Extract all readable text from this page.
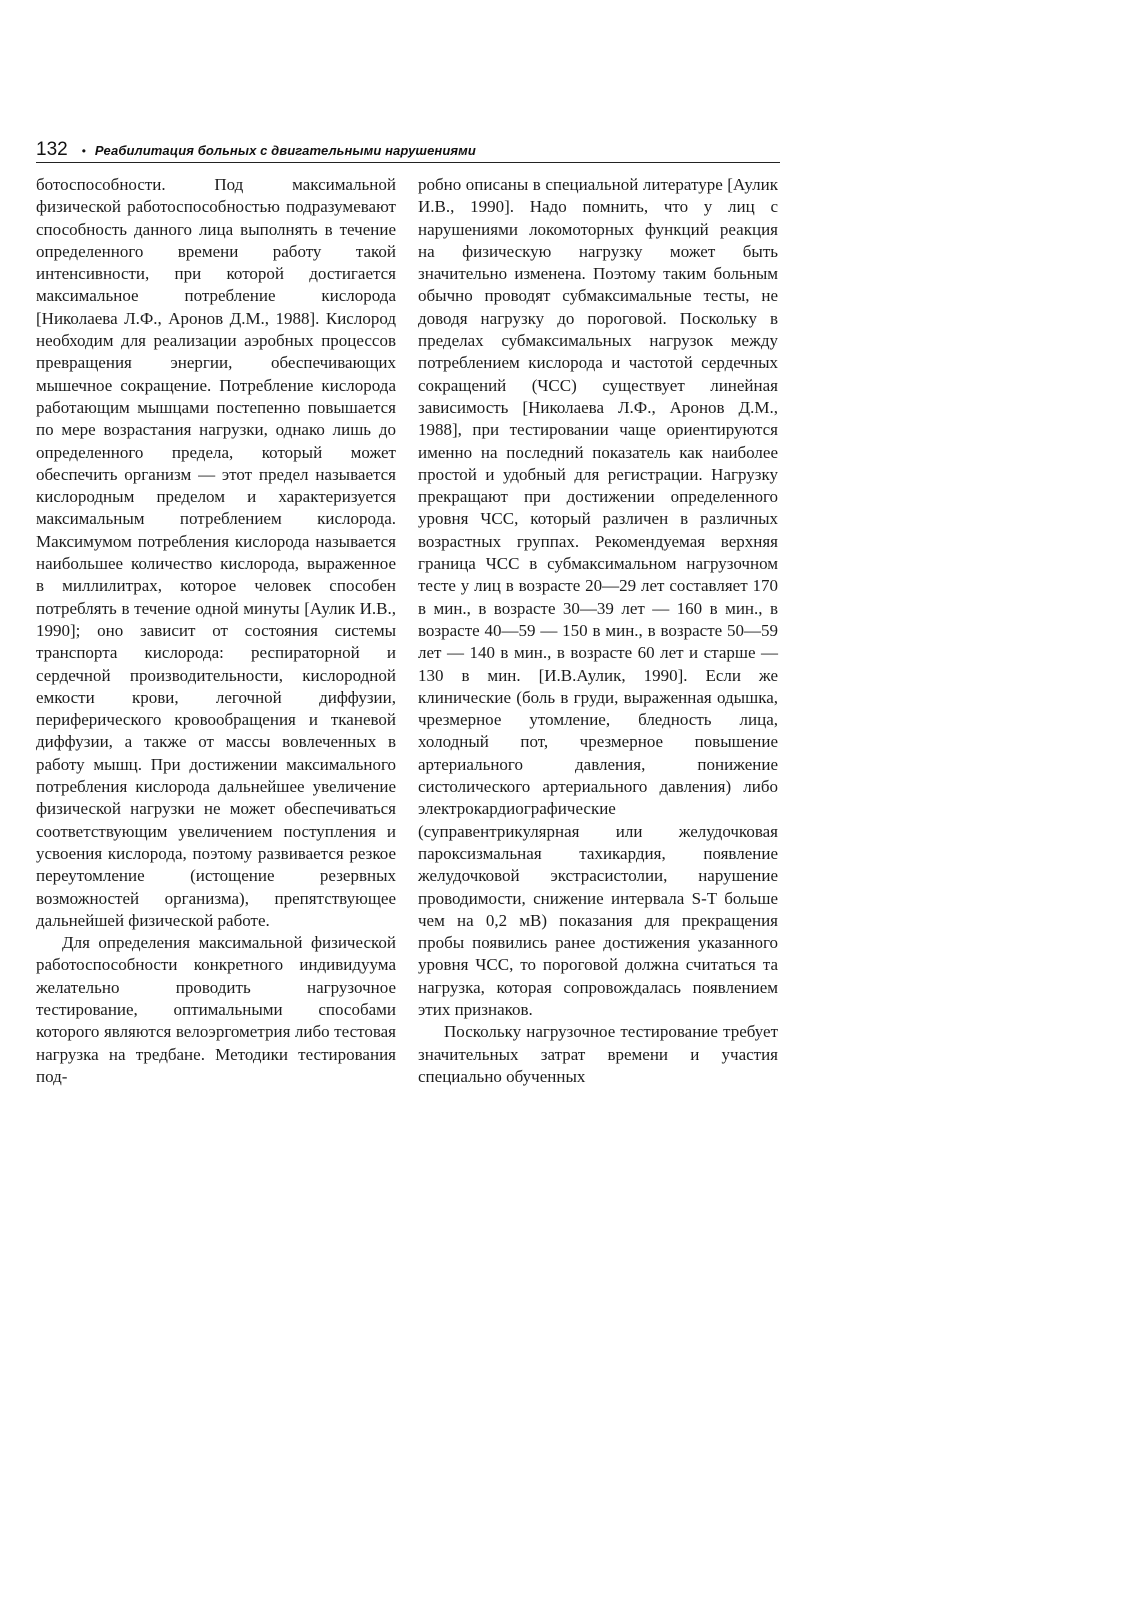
132 • Реабилитация больных с двигательными нарушениями

ботоспособности. Под максимальной физической работоспособностью подразумевают способность данного лица выполнять в течение определенного времени работу такой интенсивности, при которой достигается максимальное потребление кислорода [Николаева Л.Ф., Аронов Д.М., 1988]. Кислород необходим для реализации аэробных процессов превращения энергии, обеспечивающих мышечное сокращение. Потребление кислорода работающим мышцами постепенно повышается по мере возрастания нагрузки, однако лишь до определенного предела, который может обеспечить организм — этот предел называется кислородным пределом и характеризуется максимальным потреблением кислорода. Максимумом потребления кислорода называется наибольшее количество кислорода, выраженное в миллилитрах, которое человек способен потреблять в течение одной минуты [Аулик И.В., 1990]; оно зависит от состояния системы транспорта кислорода: респираторной и сердечной производительности, кислородной емкости крови, легочной диффузии, периферического кровообращения и тканевой диффузии, а также от массы вовлеченных в работу мышц. При достижении максимального потребления кислорода дальнейшее увеличение физической нагрузки не может обеспечиваться соответствующим увеличением поступления и усвоения кислорода, поэтому развивается резкое переутомление (истощение резервных возможностей организма), препятствующее дальнейшей физической работе.

Для определения максимальной физической работоспособности конкретного индивидуума желательно проводить нагрузочное тестирование, оптимальными способами которого являются велоэргометрия либо тестовая нагрузка на тредбане. Методики тестирования под-

робно описаны в специальной литературе [Аулик И.В., 1990]. Надо помнить, что у лиц с нарушениями локомоторных функций реакция на физическую нагрузку может быть значительно изменена. Поэтому таким больным обычно проводят субмаксимальные тесты, не доводя нагрузку до пороговой. Поскольку в пределах субмаксимальных нагрузок между потреблением кислорода и частотой сердечных сокращений (ЧСС) существует линейная зависимость [Николаева Л.Ф., Аронов Д.М., 1988], при тестировании чаще ориентируются именно на последний показатель как наиболее простой и удобный для регистрации. Нагрузку прекращают при достижении определенного уровня ЧСС, который различен в различных возрастных группах. Рекомендуемая верхняя граница ЧСС в субмаксимальном нагрузочном тесте у лиц в возрасте 20—29 лет составляет 170 в мин., в возрасте 30—39 лет — 160 в мин., в возрасте 40—59 — 150 в мин., в возрасте 50—59 лет — 140 в мин., в возрасте 60 лет и старше — 130 в мин. [И.В.Аулик, 1990]. Если же клинические (боль в груди, выраженная одышка, чрезмерное утомление, бледность лица, холодный пот, чрезмерное повышение артериального давления, понижение систолического артериального давления) либо электрокардиографические (суправентрикулярная или желудочковая пароксизмальная тахикардия, появление желудочковой экстрасистолии, нарушение проводимости, снижение интервала S-T больше чем на 0,2 мВ) показания для прекращения пробы появились ранее достижения указанного уровня ЧСС, то пороговой должна считаться та нагрузка, которая сопровождалась появлением этих признаков.

Поскольку нагрузочное тестирование требует значительных затрат времени и участия специально обученных
